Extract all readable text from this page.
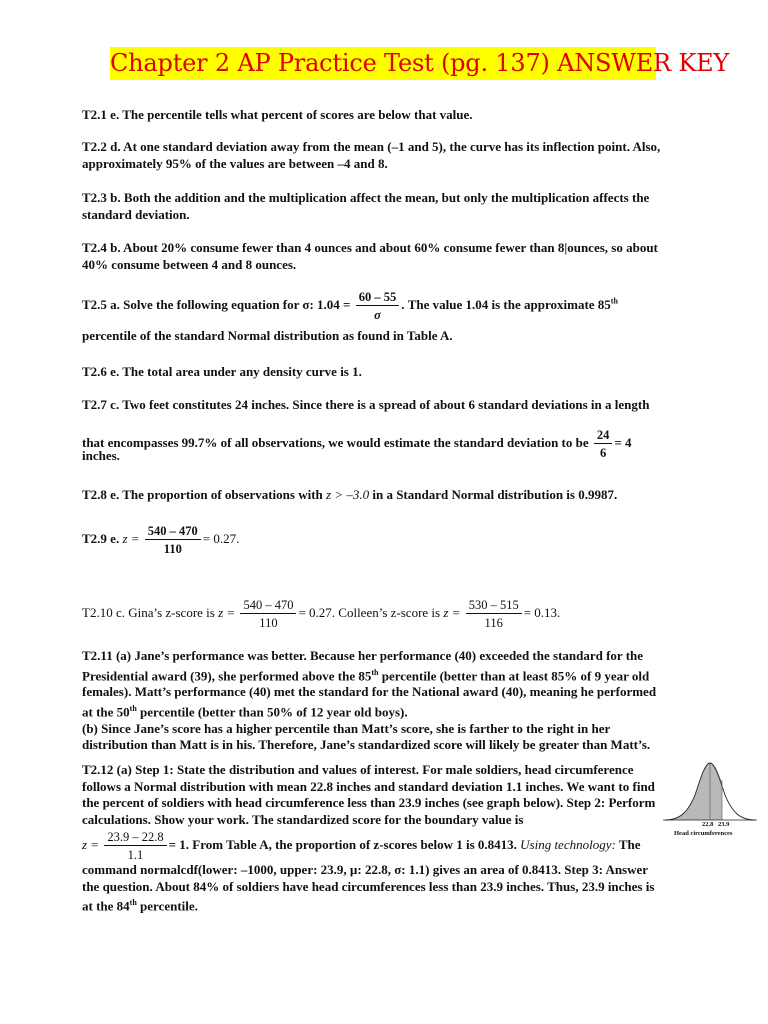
Chapter 2 AP Practice Test (pg. 137) ANSWER KEY
T2.1 e. The percentile tells what percent of scores are below that value.
T2.2 d. At one standard deviation away from the mean (–1 and 5), the curve has its inflection point. Also, approximately 95% of the values are between –4 and 8.
T2.3 b. Both the addition and the multiplication affect the mean, but only the multiplication affects the standard deviation.
T2.4 b. About 20% consume fewer than 4 ounces and about 60% consume fewer than 8|ounces, so about 40% consume between 4 and 8 ounces.
T2.5 a. Solve the following equation for σ: $1.04 = \frac{60 - 55}{\sigma}$ . The value 1.04 is the approximate 85th
percentile of the standard Normal distribution as found in Table A.
T2.6 e. The total area under any density curve is 1.
T2.7 c. Two feet constitutes 24 inches. Since there is a spread of about 6 standard deviations in a length
that encompasses 99.7% of all observations, we would estimate the standard deviation to be $\frac{24}{6} = 4$
inches.
T2.8 e. The proportion of observations with z > –3.0 in a Standard Normal distribution is 0.9987.
T2.9 e. $z = \frac{540 - 470}{110} = 0.27$.
T2.10 c. Gina’s z-score is $z = \frac{540 - 470}{110} = 0.27$. Colleen’s z-score is $z = \frac{530 - 515}{116} = 0.13$.
T2.11 (a) Jane’s performance was better. Because her performance (40) exceeded the standard for the Presidential award (39), she performed above the 85th percentile (better than at least 85% of 9 year old females). Matt’s performance (40) met the standard for the National award (40), meaning he performed at the 50th percentile (better than 50% of 12 year old boys).
(b) Since Jane’s score has a higher percentile than Matt’s score, she is farther to the right in her distribution than Matt is in his. Therefore, Jane’s standardized score will likely be greater than Matt’s.
T2.12 (a) Step 1: State the distribution and values of interest. For male soldiers, head circumference follows a Normal distribution with mean 22.8 inches and standard deviation 1.1 inches. We want to find the percent of soldiers with head circumference less than 23.9 inches (see graph below). Step 2: Perform calculations. Show your work. The standardized score for the boundary value is
$z = \frac{23.9 - 22.8}{1.1} = 1$. From Table A, the proportion of z-scores below 1 is 0.8413. Using technology: The
command normalcdf(lower: –1000, upper: 23.9, µ: 22.8, σ: 1.1) gives an area of 0.8413. Step 3: Answer the question. About 84% of soldiers have head circumferences less than 23.9 inches. Thus, 23.9 inches is at the 84th percentile.
22.8 23.9
Head circumferences
